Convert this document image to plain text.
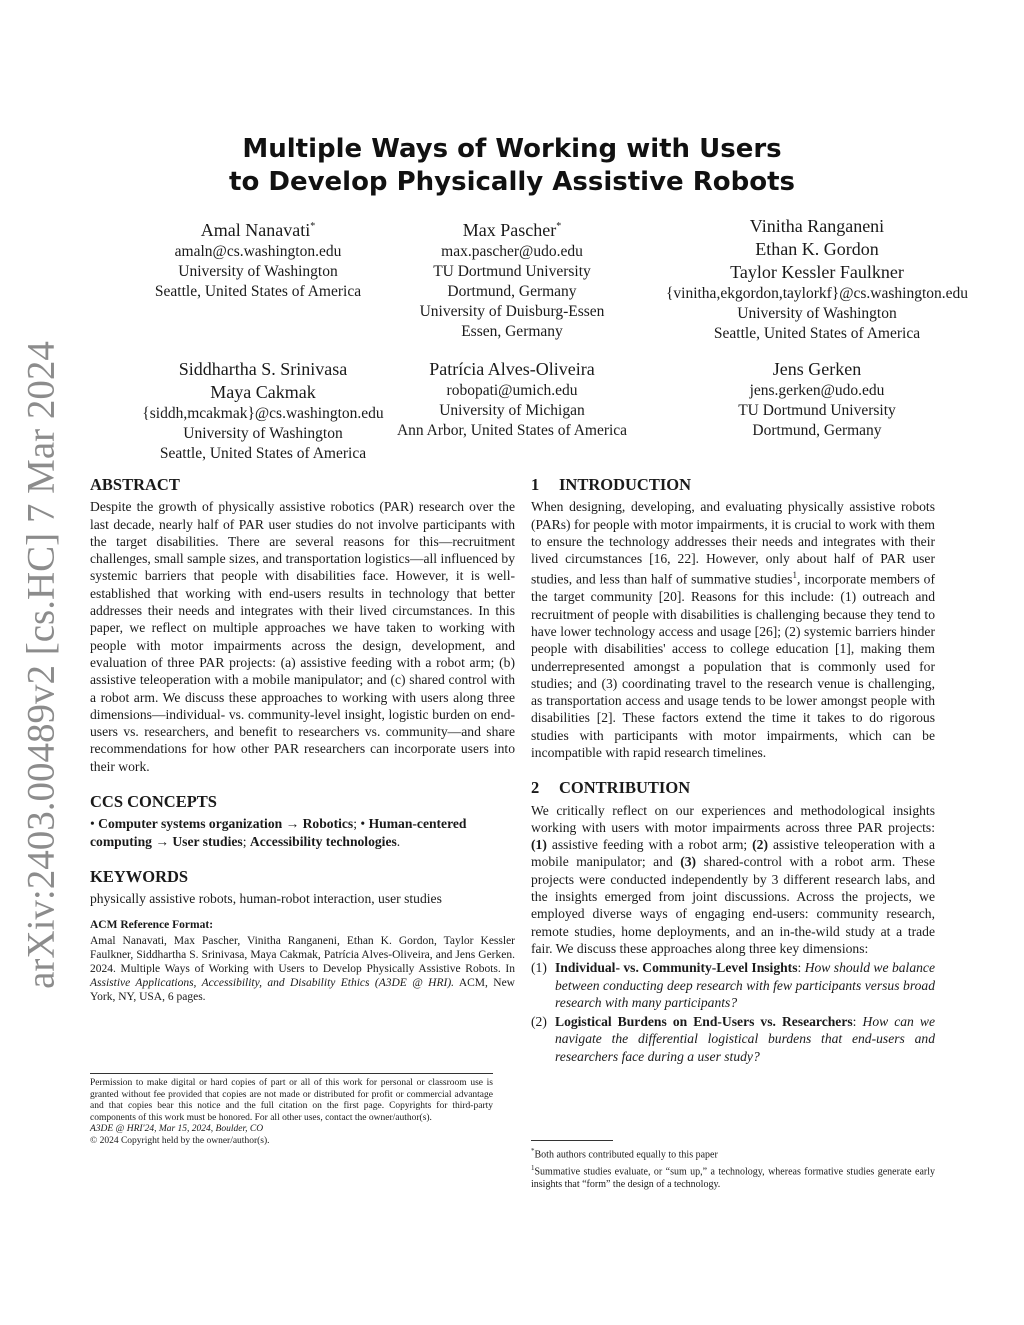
arXiv:2403.00489v2 [cs.HC] 7 Mar 2024
Multiple Ways of Working with Users
to Develop Physically Assistive Robots
Amal Nanavati*
amaln@cs.washington.edu
University of Washington
Seattle, United States of America
Max Pascher*
max.pascher@udo.edu
TU Dortmund University
Dortmund, Germany
University of Duisburg-Essen
Essen, Germany
Vinitha Ranganeni
Ethan K. Gordon
Taylor Kessler Faulkner
{vinitha,ekgordon,taylorkf}@cs.washington.edu
University of Washington
Seattle, United States of America
Siddhartha S. Srinivasa
Maya Cakmak
{siddh,mcakmak}@cs.washington.edu
University of Washington
Seattle, United States of America
Patrícia Alves-Oliveira
robopati@umich.edu
University of Michigan
Ann Arbor, United States of America
Jens Gerken
jens.gerken@udo.edu
TU Dortmund University
Dortmund, Germany
ABSTRACT

Despite the growth of physically assistive robotics (PAR) research over the last decade, nearly half of PAR user studies do not involve participants with the target disabilities. There are several reasons for this—recruitment challenges, small sample sizes, and transportation logistics—all influenced by systemic barriers that people with disabilities face. However, it is well-established that working with end-users results in technology that better addresses their needs and integrates with their lived circumstances. In this paper, we reflect on multiple approaches we have taken to working with people with motor impairments across the design, development, and evaluation of three PAR projects: (a) assistive feeding with a robot arm; (b) assistive teleoperation with a mobile manipulator; and (c) shared control with a robot arm. We discuss these approaches to working with users along three dimensions—individual- vs. community-level insight, logistic burden on end-users vs. researchers, and benefit to researchers vs. community—and share recommendations for how other PAR researchers can incorporate users into their work.

CCS CONCEPTS

• Computer systems organization → Robotics; • Human-centered computing → User studies; Accessibility technologies.

KEYWORDS

physically assistive robots, human-robot interaction, user studies

ACM Reference Format:

Amal Nanavati, Max Pascher, Vinitha Ranganeni, Ethan K. Gordon, Taylor Kessler Faulkner, Siddhartha S. Srinivasa, Maya Cakmak, Patrícia Alves-Oliveira, and Jens Gerken. 2024. Multiple Ways of Working with Users to Develop Physically Assistive Robots. In Assistive Applications, Accessibility, and Disability Ethics (A3DE @ HRI). ACM, New York, NY, USA, 6 pages.

Permission to make digital or hard copies of part or all of this work for personal or classroom use is granted without fee provided that copies are not made or distributed for profit or commercial advantage and that copies bear this notice and the full citation on the first page. Copyrights for third-party components of this work must be honored. For all other uses, contact the owner/author(s).

A3DE @ HRI'24, Mar 15, 2024, Boulder, CO

© 2024 Copyright held by the owner/author(s).

1 INTRODUCTION

When designing, developing, and evaluating physically assistive robots (PARs) for people with motor impairments, it is crucial to work with them to ensure the technology addresses their needs and integrates with their lived circumstances [16, 22]. However, only about half of PAR user studies, and less than half of summative studies$^1$, incorporate members of the target community [20]. Reasons for this include: (1) outreach and recruitment of people with disabilities is challenging because they tend to have lower technology access and usage [26]; (2) systemic barriers hinder people with disabilities' access to college education [1], making them underrepresented amongst a population that is commonly used for studies; and (3) coordinating travel to the research venue is challenging, as transportation access and usage tends to be lower amongst people with disabilities [2]. These factors extend the time it takes to do rigorous studies with participants with motor impairments, which can be incompatible with rapid research timelines.

2 CONTRIBUTION

We critically reflect on our experiences and methodological insights working with users with motor impairments across three PAR projects: (1) assistive feeding with a robot arm; (2) assistive teleoperation with a mobile manipulator; and (3) shared-control with a robot arm. These projects were conducted independently by 3 different research labs, and the insights emerged from joint discussions. Across the projects, we employed diverse ways of engaging end-users: community research, remote studies, home deployments, and an in-the-wild study at a trade fair. We discuss these approaches along three key dimensions:

(1) Individual- vs. Community-Level Insights: How should we balance between conducting deep research with few participants versus broad research with many participants?
(2) Logistical Burdens on End-Users vs. Researchers: How can we navigate the differential logistical burdens that end-users and researchers face during a user study?

*Both authors contributed equally to this paper

$^1$Summative studies evaluate, or “sum up,” a technology, whereas formative studies generate early insights that “form” the design of a technology.
